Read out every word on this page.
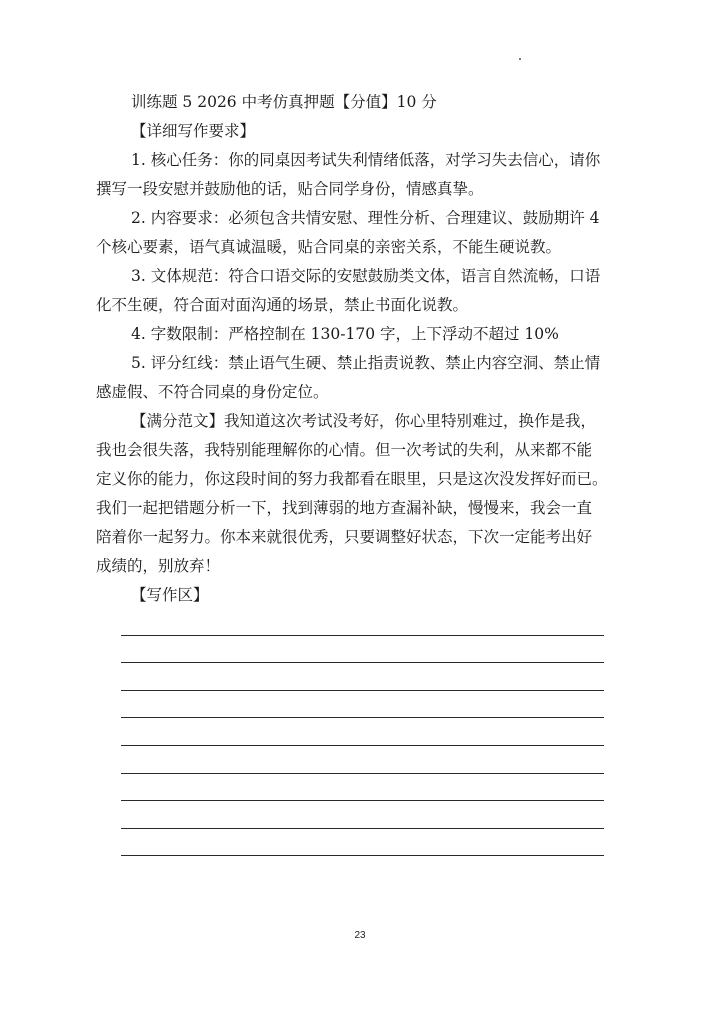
训练题 5 2026 中考仿真押题【分值】10 分
【详细写作要求】
1. 核心任务：你的同桌因考试失利情绪低落，对学习失去信心，请你
撰写一段安慰并鼓励他的话，贴合同学身份，情感真挚。
2. 内容要求：必须包含共情安慰、理性分析、合理建议、鼓励期许 4
个核心要素，语气真诚温暖，贴合同桌的亲密关系，不能生硬说教。
3. 文体规范：符合口语交际的安慰鼓励类文体，语言自然流畅，口语
化不生硬，符合面对面沟通的场景，禁止书面化说教。
4. 字数限制：严格控制在 130-170 字，上下浮动不超过 10%
5. 评分红线：禁止语气生硬、禁止指责说教、禁止内容空洞、禁止情
感虚假、不符合同桌的身份定位。
【满分范文】我知道这次考试没考好，你心里特别难过，换作是我，
我也会很失落，我特别能理解你的心情。但一次考试的失利，从来都不能
定义你的能力，你这段时间的努力我都看在眼里，只是这次没发挥好而已。
我们一起把错题分析一下，找到薄弱的地方查漏补缺，慢慢来，我会一直
陪着你一起努力。你本来就很优秀，只要调整好状态，下次一定能考出好
成绩的，别放弃！
【写作区】
23
